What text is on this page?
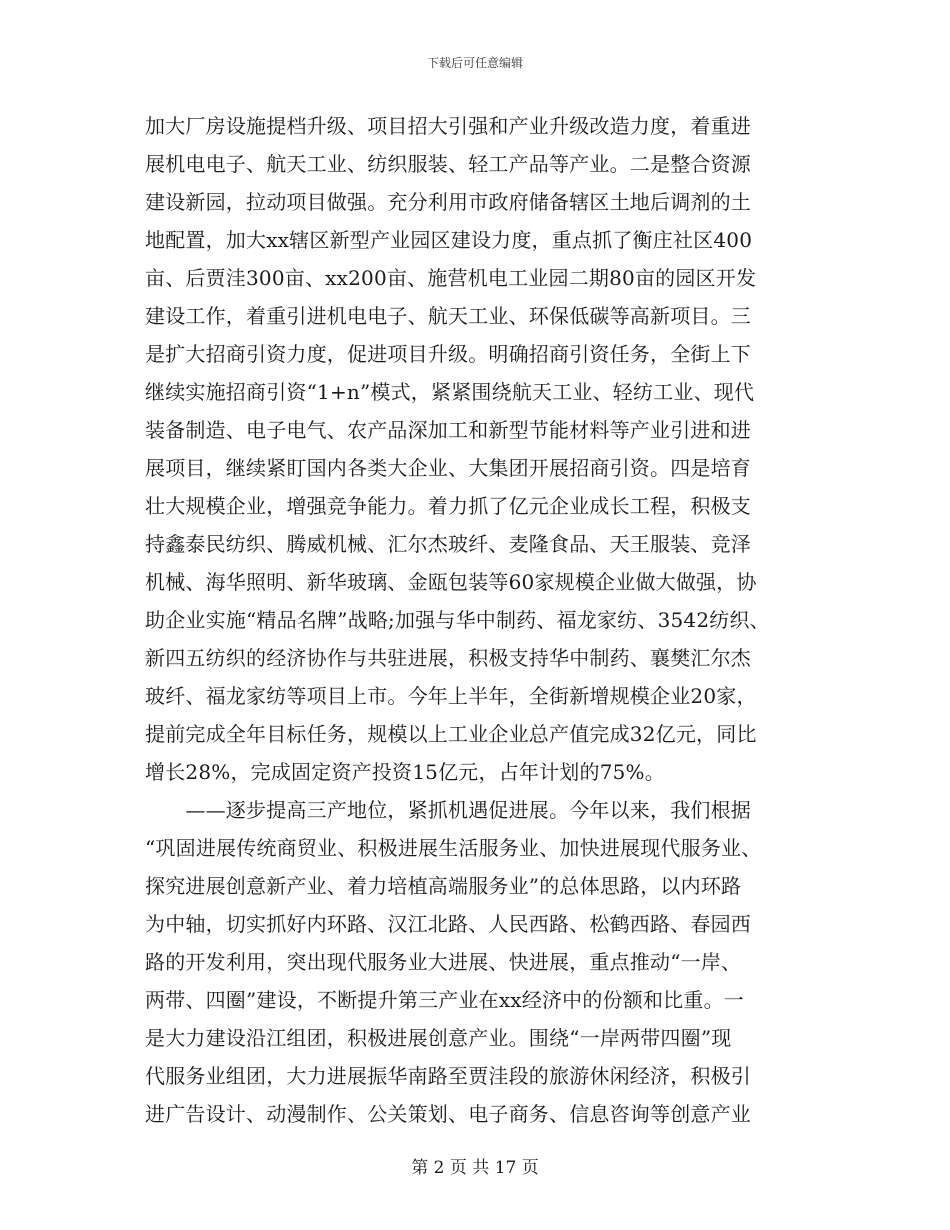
下载后可任意编辑
加大厂房设施提档升级、项目招大引强和产业升级改造力度，着重进
展机电电子、航天工业、纺织服装、轻工产品等产业。二是整合资源
建设新园，拉动项目做强。充分利用市政府储备辖区土地后调剂的土
地配置，加大xx辖区新型产业园区建设力度，重点抓了衡庄社区400
亩、后贾洼300亩、xx200亩、施营机电工业园二期80亩的园区开发
建设工作，着重引进机电电子、航天工业、环保低碳等高新项目。三
是扩大招商引资力度，促进项目升级。明确招商引资任务，全街上下
继续实施招商引资“1+n”模式，紧紧围绕航天工业、轻纺工业、现代
装备制造、电子电气、农产品深加工和新型节能材料等产业引进和进
展项目，继续紧盯国内各类大企业、大集团开展招商引资。四是培育
壮大规模企业，增强竞争能力。着力抓了亿元企业成长工程，积极支
持鑫泰民纺织、腾威机械、汇尔杰玻纤、麦隆食品、天王服装、竞泽
机械、海华照明、新华玻璃、金瓯包装等60家规模企业做大做强，协
助企业实施“精品名牌”战略;加强与华中制药、福龙家纺、3542纺织、
新四五纺织的经济协作与共驻进展，积极支持华中制药、襄樊汇尔杰
玻纤、福龙家纺等项目上市。今年上半年，全街新增规模企业20家，
提前完成全年目标任务，规模以上工业企业总产值完成32亿元，同比
增长28%，完成固定资产投资15亿元，占年计划的75%。
　　——逐步提高三产地位，紧抓机遇促进展。今年以来，我们根据
“巩固进展传统商贸业、积极进展生活服务业、加快进展现代服务业、
探究进展创意新产业、着力培植高端服务业”的总体思路，以内环路
为中轴，切实抓好内环路、汉江北路、人民西路、松鹤西路、春园西
路的开发利用，突出现代服务业大进展、快进展，重点推动“一岸、
两带、四圈”建设，不断提升第三产业在xx经济中的份额和比重。一
是大力建设沿江组团，积极进展创意产业。围绕“一岸两带四圈”现
代服务业组团，大力进展振华南路至贾洼段的旅游休闲经济，积极引
进广告设计、动漫制作、公关策划、电子商务、信息咨询等创意产业
第 2 页 共 17 页
